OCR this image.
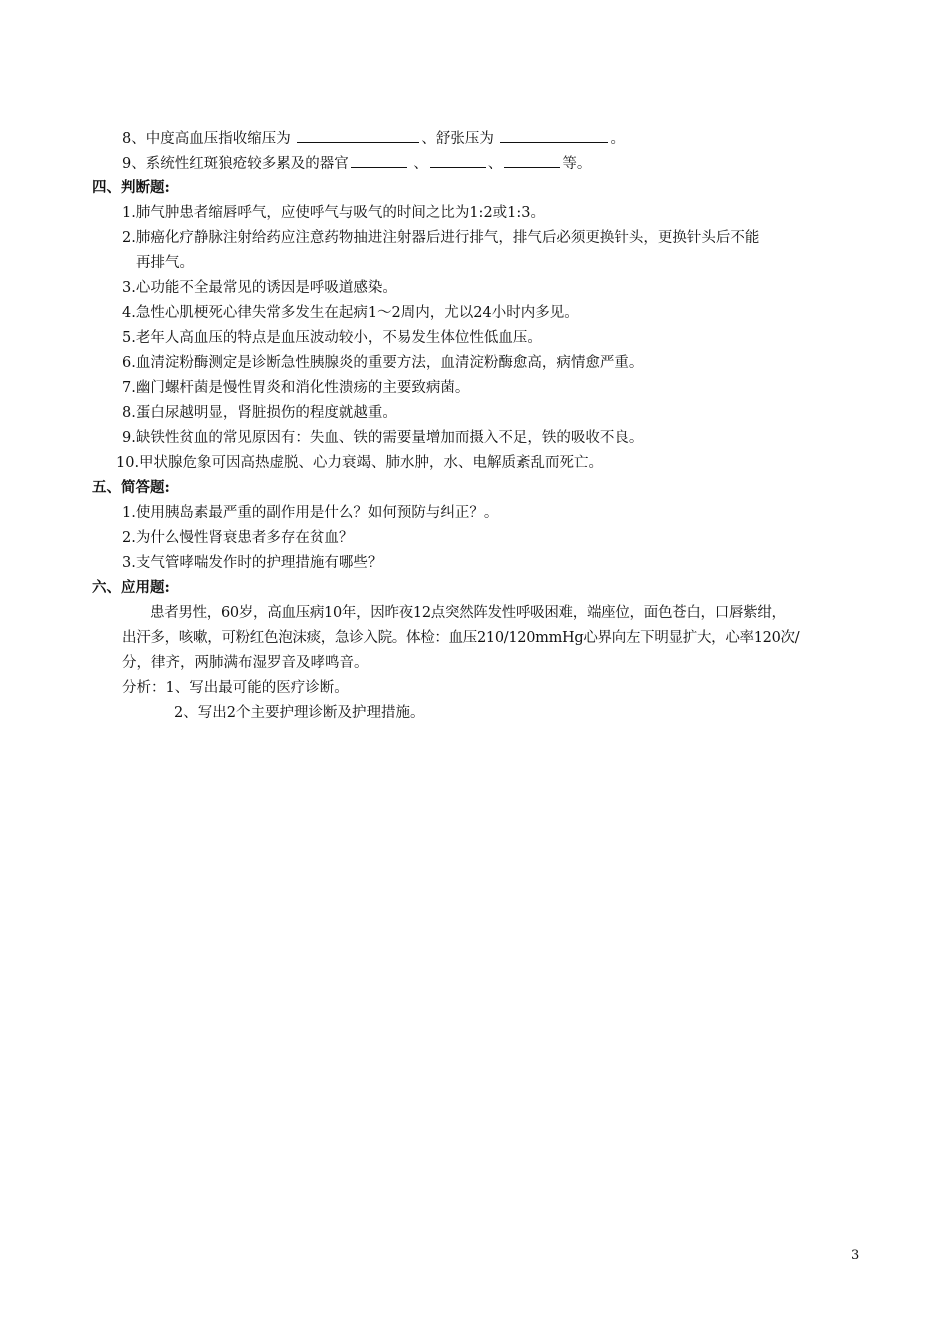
8、中度高血压指收缩压为	、舒张压为	。
9、系统性红斑狼疮较多累及的器官	、	、	等。
四、判断题:
1.肺气肿患者缩唇呼气，应使呼气与吸气的时间之比为1:2或1:3。
2.肺癌化疗静脉注射给药应注意药物抽进注射器后进行排气，排气后必须更换针头，更换针头后不能
再排气。
3.心功能不全最常见的诱因是呼吸道感染。
4.急性心肌梗死心律失常多发生在起病1～2周内，尤以24小时内多见。
5.老年人高血压的特点是血压波动较小，不易发生体位性低血压。
6.血清淀粉酶测定是诊断急性胰腺炎的重要方法，血清淀粉酶愈高，病情愈严重。
7.幽门螺杆菌是慢性胃炎和消化性溃疡的主要致病菌。
8.蛋白尿越明显，肾脏损伤的程度就越重。
9.缺铁性贫血的常见原因有：失血、铁的需要量增加而摄入不足，铁的吸收不良。
10.甲状腺危象可因高热虚脱、心力衰竭、肺水肿，水、电解质紊乱而死亡。
五、简答题:
1.使用胰岛素最严重的副作用是什么？如何预防与纠正？。
2.为什么慢性肾衰患者多存在贫血？
3.支气管哮喘发作时的护理措施有哪些？
六、应用题:
患者男性，60岁，高血压病10年，因昨夜12点突然阵发性呼吸困难，端座位，面色苍白，口唇紫绀，
出汗多，咳嗽，可粉红色泡沫痰，急诊入院。体检：血压210/120mmHg心界向左下明显扩大，心率120次/
分，律齐，两肺满布湿罗音及哮鸣音。
分析：1、写出最可能的医疗诊断。
2、写出2个主要护理诊断及护理措施。
3
